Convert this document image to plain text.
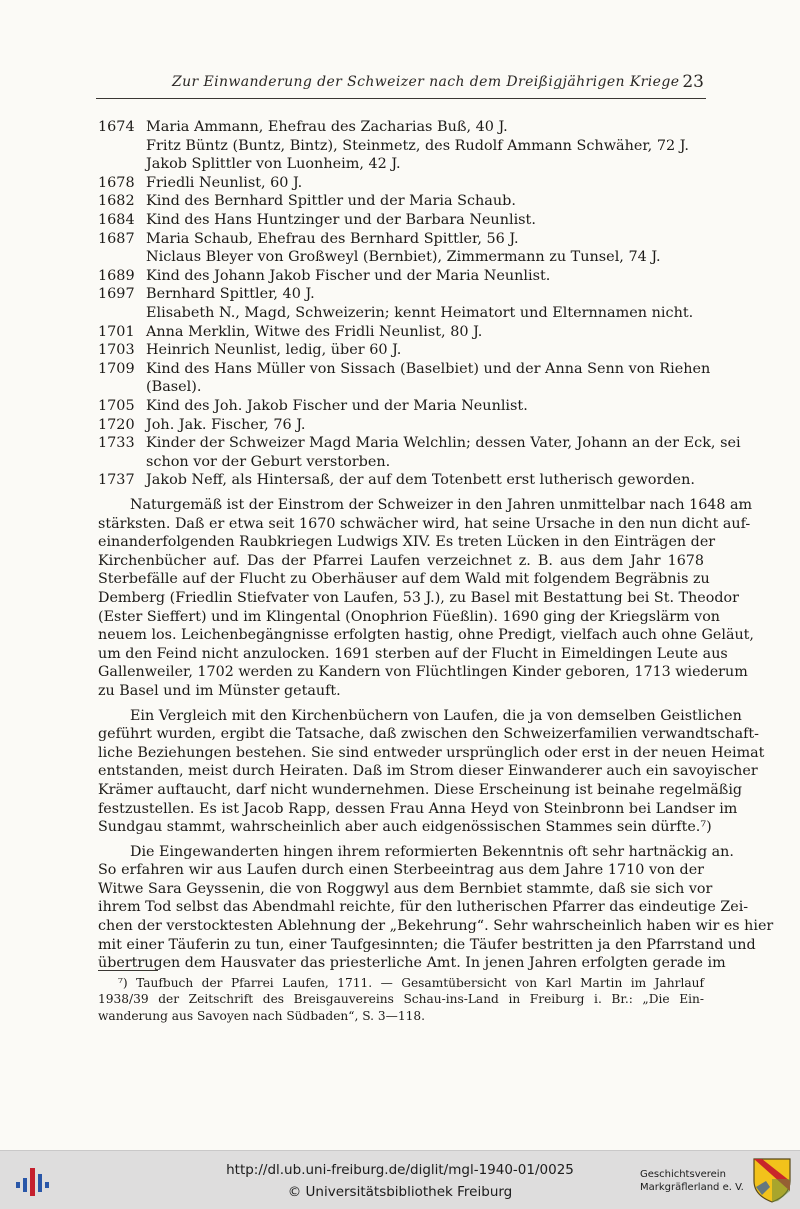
Zur Einwanderung der Schweizer nach dem Dreißigjährigen Kriege 23
1674 Maria Ammann, Ehefrau des Zacharias Buß, 40 J.
Fritz Büntz (Buntz, Bintz), Steinmetz, des Rudolf Ammann Schwäher, 72 J.
Jakob Splittler von Luonheim, 42 J.
1678 Friedli Neunlist, 60 J.
1682 Kind des Bernhard Spittler und der Maria Schaub.
1684 Kind des Hans Huntzinger und der Barbara Neunlist.
1687 Maria Schaub, Ehefrau des Bernhard Spittler, 56 J.
Niclaus Bleyer von Großweyl (Bernbiet), Zimmermann zu Tunsel, 74 J.
1689 Kind des Johann Jakob Fischer und der Maria Neunlist.
1697 Bernhard Spittler, 40 J.
Elisabeth N., Magd, Schweizerin; kennt Heimatort und Elternnamen nicht.
1701 Anna Merklin, Witwe des Fridli Neunlist, 80 J.
1703 Heinrich Neunlist, ledig, über 60 J.
1709 Kind des Hans Müller von Sissach (Baselbiet) und der Anna Senn von Riehen
(Basel).
1705 Kind des Joh. Jakob Fischer und der Maria Neunlist.
1720 Joh. Jak. Fischer, 76 J.
1733 Kinder der Schweizer Magd Maria Welchlin; dessen Vater, Johann an der Eck, sei
schon vor der Geburt verstorben.
1737 Jakob Neff, als Hintersaß, der auf dem Totenbett erst lutherisch geworden.
Naturgemäß ist der Einstrom der Schweizer in den Jahren unmittelbar nach 1648 am
stärksten. Daß er etwa seit 1670 schwächer wird, hat seine Ursache in den nun dicht auf-
einanderfolgenden Raubkriegen Ludwigs XIV. Es treten Lücken in den Einträgen der
Kirchenbücher auf. Das der Pfarrei Laufen verzeichnet z. B. aus dem Jahr 1678
Sterbefälle auf der Flucht zu Oberhäuser auf dem Wald mit folgendem Begräbnis zu
Demberg (Friedlin Stiefvater von Laufen, 53 J.), zu Basel mit Bestattung bei St. Theodor
(Ester Sieffert) und im Klingental (Onophrion Füeßlin). 1690 ging der Kriegslärm von
neuem los. Leichenbegängnisse erfolgten hastig, ohne Predigt, vielfach auch ohne Geläut,
um den Feind nicht anzulocken. 1691 sterben auf der Flucht in Eimeldingen Leute aus
Gallenweiler, 1702 werden zu Kandern von Flüchtlingen Kinder geboren, 1713 wiederum
zu Basel und im Münster getauft.
Ein Vergleich mit den Kirchenbüchern von Laufen, die ja von demselben Geistlichen
geführt wurden, ergibt die Tatsache, daß zwischen den Schweizerfamilien verwandtschaft-
liche Beziehungen bestehen. Sie sind entweder ursprünglich oder erst in der neuen Heimat
entstanden, meist durch Heiraten. Daß im Strom dieser Einwanderer auch ein savoyischer
Krämer auftaucht, darf nicht wundernehmen. Diese Erscheinung ist beinahe regelmäßig
festzustellen. Es ist Jacob Rapp, dessen Frau Anna Heyd von Steinbronn bei Landser im
Sundgau stammt, wahrscheinlich aber auch eidgenössischen Stammes sein dürfte.⁷)
Die Eingewanderten hingen ihrem reformierten Bekenntnis oft sehr hartnäckig an.
So erfahren wir aus Laufen durch einen Sterbeeintrag aus dem Jahre 1710 von der
Witwe Sara Geyssenin, die von Roggwyl aus dem Bernbiet stammte, daß sie sich vor
ihrem Tod selbst das Abendmahl reichte, für den lutherischen Pfarrer das eindeutige Zei-
chen der verstocktesten Ablehnung der „Bekehrung“. Sehr wahrscheinlich haben wir es hier
mit einer Täuferin zu tun, einer Taufgesinnten; die Täufer bestritten ja den Pfarrstand und
übertrugen dem Hausvater das priesterliche Amt. In jenen Jahren erfolgten gerade im
⁷) Taufbuch der Pfarrei Laufen, 1711. — Gesamtübersicht von Karl Martin im Jahrlauf
1938/39 der Zeitschrift des Breisgauvereins Schau-ins-Land in Freiburg i. Br.: „Die Ein-
wanderung aus Savoyen nach Südbaden“, S. 3—118.
http://dl.ub.uni-freiburg.de/diglit/mgl-1940-01/0025
© Universitätsbibliothek Freiburg
Geschichtsverein
Markgräflerland e. V.
